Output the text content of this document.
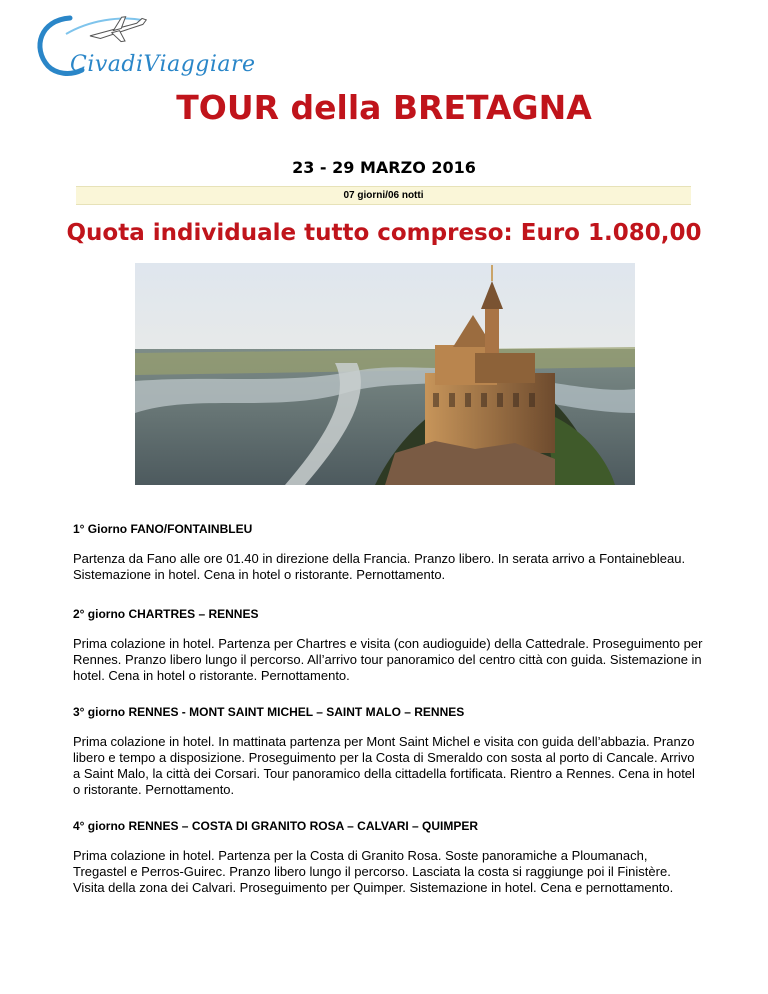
CivadiViaggiare
TOUR della BRETAGNA
23 - 29 MARZO 2016
07 giorni/06 notti
Quota individuale tutto compreso: Euro 1.080,00

1° Giorno FANO/FONTAINBLEU

Partenza da Fano alle ore 01.40 in direzione della Francia. Pranzo libero. In serata arrivo a Fontainebleau. Sistemazione in hotel. Cena in hotel o ristorante. Pernottamento.

2° giorno CHARTRES – RENNES

Prima colazione in hotel. Partenza per Chartres e visita (con audioguide) della Cattedrale. Proseguimento per Rennes. Pranzo libero lungo il percorso. All’arrivo tour panoramico del centro città con guida. Sistemazione in hotel. Cena in hotel o ristorante. Pernottamento.

3° giorno RENNES - MONT SAINT MICHEL – SAINT MALO – RENNES

Prima colazione in hotel. In mattinata partenza per Mont Saint Michel e visita con guida dell’abbazia. Pranzo libero e tempo a disposizione. Proseguimento per la Costa di Smeraldo con sosta al porto di Cancale. Arrivo a Saint Malo, la città dei Corsari. Tour panoramico della cittadella fortificata. Rientro a Rennes. Cena in hotel o ristorante. Pernottamento.

4° giorno RENNES – COSTA DI GRANITO ROSA – CALVARI – QUIMPER

Prima colazione in hotel. Partenza per la Costa di Granito Rosa. Soste panoramiche a Ploumanach, Tregastel e Perros-Guirec. Pranzo libero lungo il percorso. Lasciata la costa si raggiunge poi il Finistère. Visita della zona dei Calvari. Proseguimento per Quimper. Sistemazione in hotel. Cena e pernottamento.
